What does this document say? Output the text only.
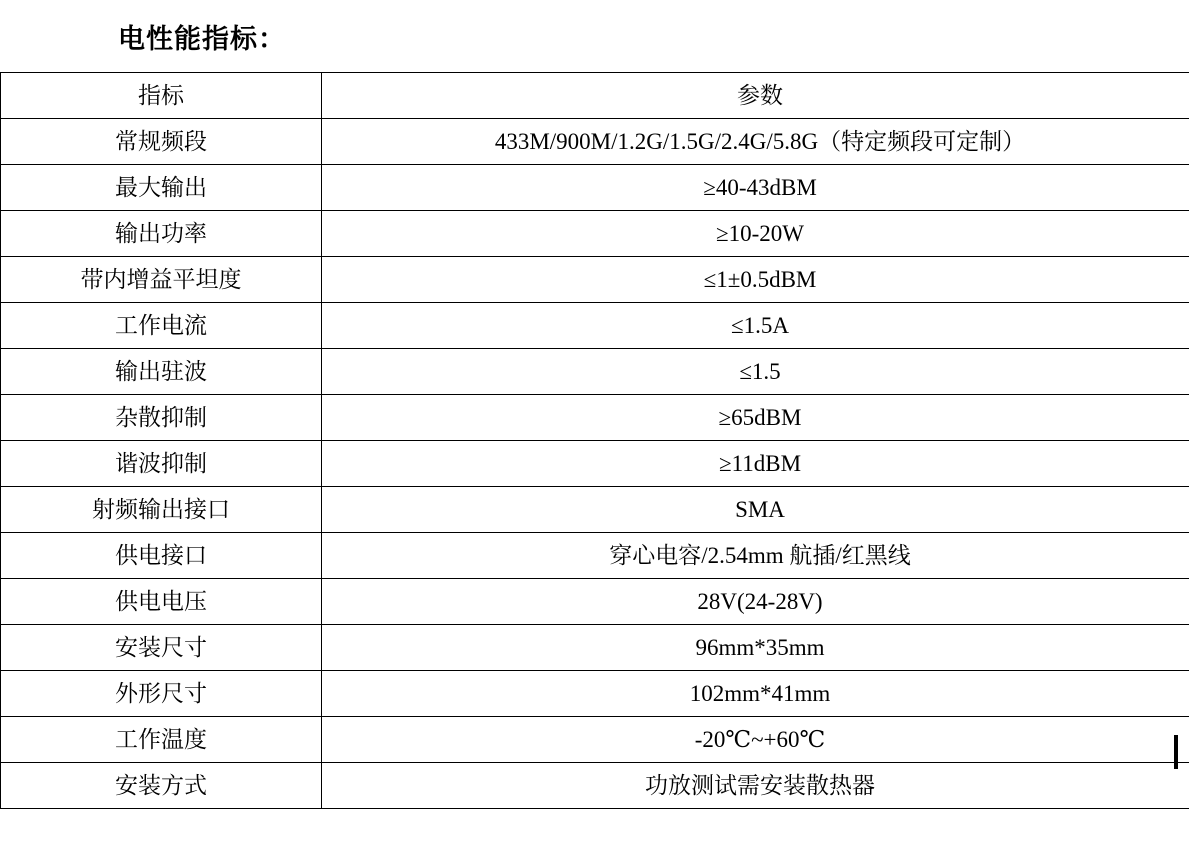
电性能指标：
指标	参数
常规频段	433M/900M/1.2G/1.5G/2.4G/5.8G（特定频段可定制）
最大输出	≥40-43dBM
输出功率	≥10-20W
带内增益平坦度	≤1±0.5dBM
工作电流	≤1.5A
输出驻波	≤1.5
杂散抑制	≥65dBM
谐波抑制	≥11dBM
射频输出接口	SMA
供电接口	穿心电容/2.54mm 航插/红黑线
供电电压	28V(24-28V)
安装尺寸	96mm*35mm
外形尺寸	102mm*41mm
工作温度	-20℃~+60℃
安装方式	功放测试需安装散热器
